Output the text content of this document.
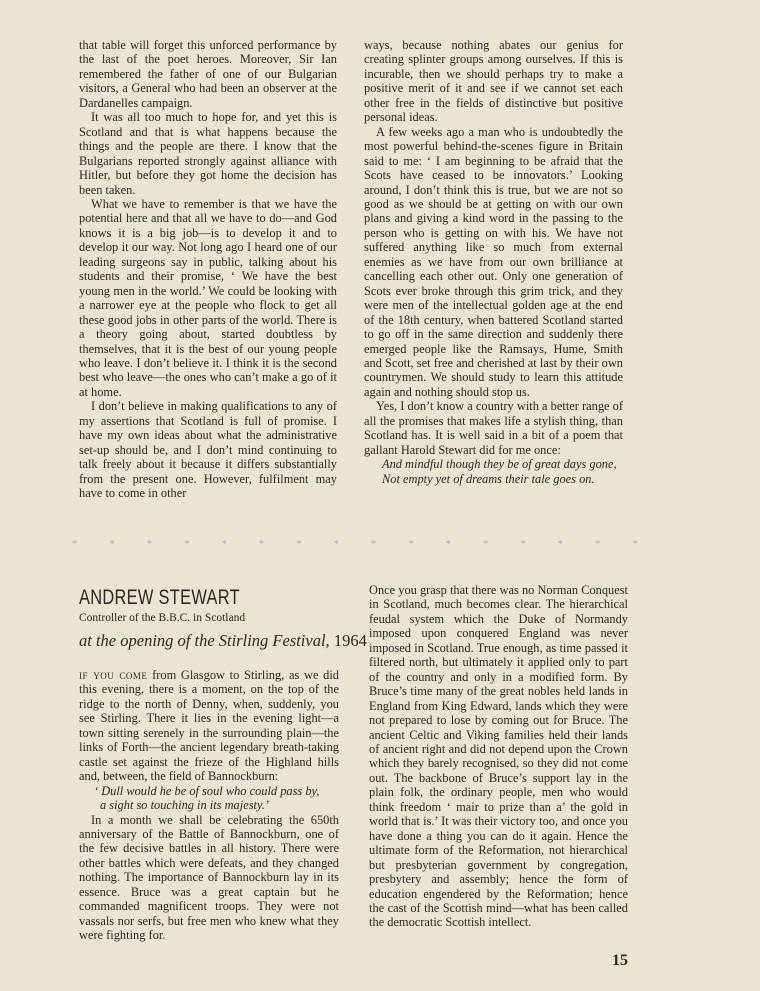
that table will forget this unforced performance by the last of the poet heroes. Moreover, Sir Ian remembered the father of one of our Bulgarian visitors, a General who had been an observer at the Dardanelles campaign.

It was all too much to hope for, and yet this is Scotland and that is what happens because the things and the people are there. I know that the Bulgarians reported strongly against alliance with Hitler, but before they got home the decision has been taken.

What we have to remember is that we have the potential here and that all we have to do—and God knows it is a big job—is to develop it and to develop it our way. Not long ago I heard one of our leading surgeons say in public, talking about his students and their promise, ‘ We have the best young men in the world.’ We could be looking with a narrower eye at the people who flock to get all these good jobs in other parts of the world. There is a theory going about, started doubtless by themselves, that it is the best of our young people who leave. I don’t believe it. I think it is the second best who leave—the ones who can’t make a go of it at home.

I don’t believe in making qualifications to any of my assertions that Scotland is full of promise. I have my own ideas about what the administrative set-up should be, and I don’t mind continuing to talk freely about it because it differs substantially from the present one. However, fulfilment may have to come in other

ways, because nothing abates our genius for creating splinter groups among ourselves. If this is incurable, then we should perhaps try to make a positive merit of it and see if we cannot set each other free in the fields of distinctive but positive personal ideas.

A few weeks ago a man who is undoubtedly the most powerful behind-the-scenes figure in Britain said to me: ‘ I am beginning to be afraid that the Scots have ceased to be innovators.’ Looking around, I don’t think this is true, but we are not so good as we should be at getting on with our own plans and giving a kind word in the passing to the person who is getting on with his. We have not suffered anything like so much from external enemies as we have from our own brilliance at cancelling each other out. Only one generation of Scots ever broke through this grim trick, and they were men of the intellectual golden age at the end of the 18th century, when battered Scotland started to go off in the same direction and suddenly there emerged people like the Ramsays, Hume, Smith and Scott, set free and cherished at last by their own countrymen. We should study to learn this attitude again and nothing should stop us.

Yes, I don’t know a country with a better range of all the promises that makes life a stylish thing, than Scotland has. It is well said in a bit of a poem that gallant Harold Stewart did for me once:

And mindful though they be of great days gone,
Not empty yet of dreams their tale goes on.
*	*	*	*	*	*	*	*	*	*	*	*	*	*	*	*
ANDREW STEWART

Controller of the B.B.C. in Scotland

at the opening of the Stirling Festival, 1964

if you come from Glasgow to Stirling, as we did this evening, there is a moment, on the top of the ridge to the north of Denny, when, suddenly, you see Stirling. There it lies in the evening light—a town sitting serenely in the surrounding plain—the links of Forth—the ancient legendary breath-taking castle set against the frieze of the Highland hills and, between, the field of Bannockburn:

‘ Dull would he be of soul who could pass by,
a sight so touching in its majesty.’

In a month we shall be celebrating the 650th anniversary of the Battle of Bannockburn, one of the few decisive battles in all history. There were other battles which were defeats, and they changed nothing. The importance of Bannockburn lay in its essence. Bruce was a great captain but he commanded magnificent troops. They were not vassals nor serfs, but free men who knew what they were fighting for.

Once you grasp that there was no Norman Conquest in Scotland, much becomes clear. The hierarchical feudal system which the Duke of Normandy imposed upon conquered England was never imposed in Scotland. True enough, as time passed it filtered north, but ultimately it applied only to part of the country and only in a modified form. By Bruce’s time many of the great nobles held lands in England from King Edward, lands which they were not prepared to lose by coming out for Bruce. The ancient Celtic and Viking families held their lands of ancient right and did not depend upon the Crown which they barely recognised, so they did not come out. The backbone of Bruce’s support lay in the plain folk, the ordinary people, men who would think freedom ‘ mair to prize than a’ the gold in world that is.’ It was their victory too, and once you have done a thing you can do it again. Hence the ultimate form of the Reformation, not hierarchical but presbyterian government by congregation, presbytery and assembly; hence the form of education engendered by the Reformation; hence the cast of the Scottish mind—what has been called the democratic Scottish intellect.

15
